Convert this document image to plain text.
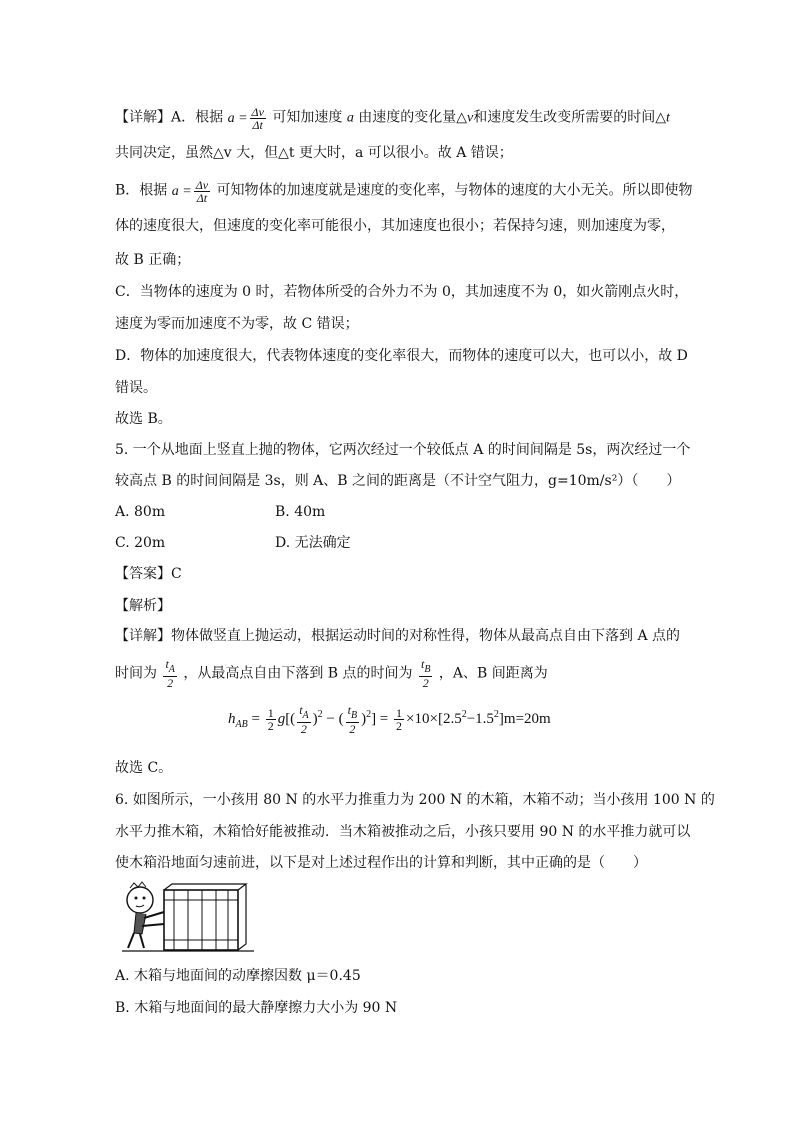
【详解】A．根据 $a = \frac{\Delta v}{\Delta t}$ 可知加速度 a 由速度的变化量△v和速度发生改变所需要的时间△t
共同决定，虽然△v 大，但△t 更大时，a 可以很小。故 A 错误；
B．根据 $a = \frac{\Delta v}{\Delta t}$ 可知物体的加速度就是速度的变化率，与物体的速度的大小无关。所以即使物
体的速度很大，但速度的变化率可能很小，其加速度也很小；若保持匀速，则加速度为零，
故 B 正确；
C．当物体的速度为 0 时，若物体所受的合外力不为 0，其加速度不为 0，如火箭刚点火时，
速度为零而加速度不为零，故 C 错误；
D．物体的加速度很大，代表物体速度的变化率很大，而物体的速度可以大，也可以小，故 D
错误。
故选 B。
5. 一个从地面上竖直上抛的物体，它两次经过一个较低点 A 的时间间隔是 5s，两次经过一个
较高点 B 的时间间隔是 3s，则 A、B 之间的距离是（不计空气阻力，g=10m/s²）（　　）
A. 80m	B. 40m
C. 20m	D. 无法确定
【答案】C
【解析】
【详解】物体做竖直上抛运动，根据运动时间的对称性得，物体从最高点自由下落到 A 点的
时间为 $\frac{t_A}{2}$ ，从最高点自由下落到 B 点的时间为 $\frac{t_B}{2}$ ，A、B 间距离为
$h_{AB} = \frac{1}{2} g[( \frac{t_A}{2} )^2$ − ( $\frac{t_B}{2} )^2] = \frac{1}{2} \times 10\times[2.5^2-1.5^2]m=20m$
故选 C。
6. 如图所示，一小孩用 80 N 的水平力推重力为 200 N 的木箱，木箱不动；当小孩用 100 N 的
水平力推木箱，木箱恰好能被推动．当木箱被推动之后，小孩只要用 90 N 的水平推力就可以
使木箱沿地面匀速前进，以下是对上述过程作出的计算和判断，其中正确的是（　　）
A. 木箱与地面间的动摩擦因数 μ＝0.45
B. 木箱与地面间的最大静摩擦力大小为 90 N
